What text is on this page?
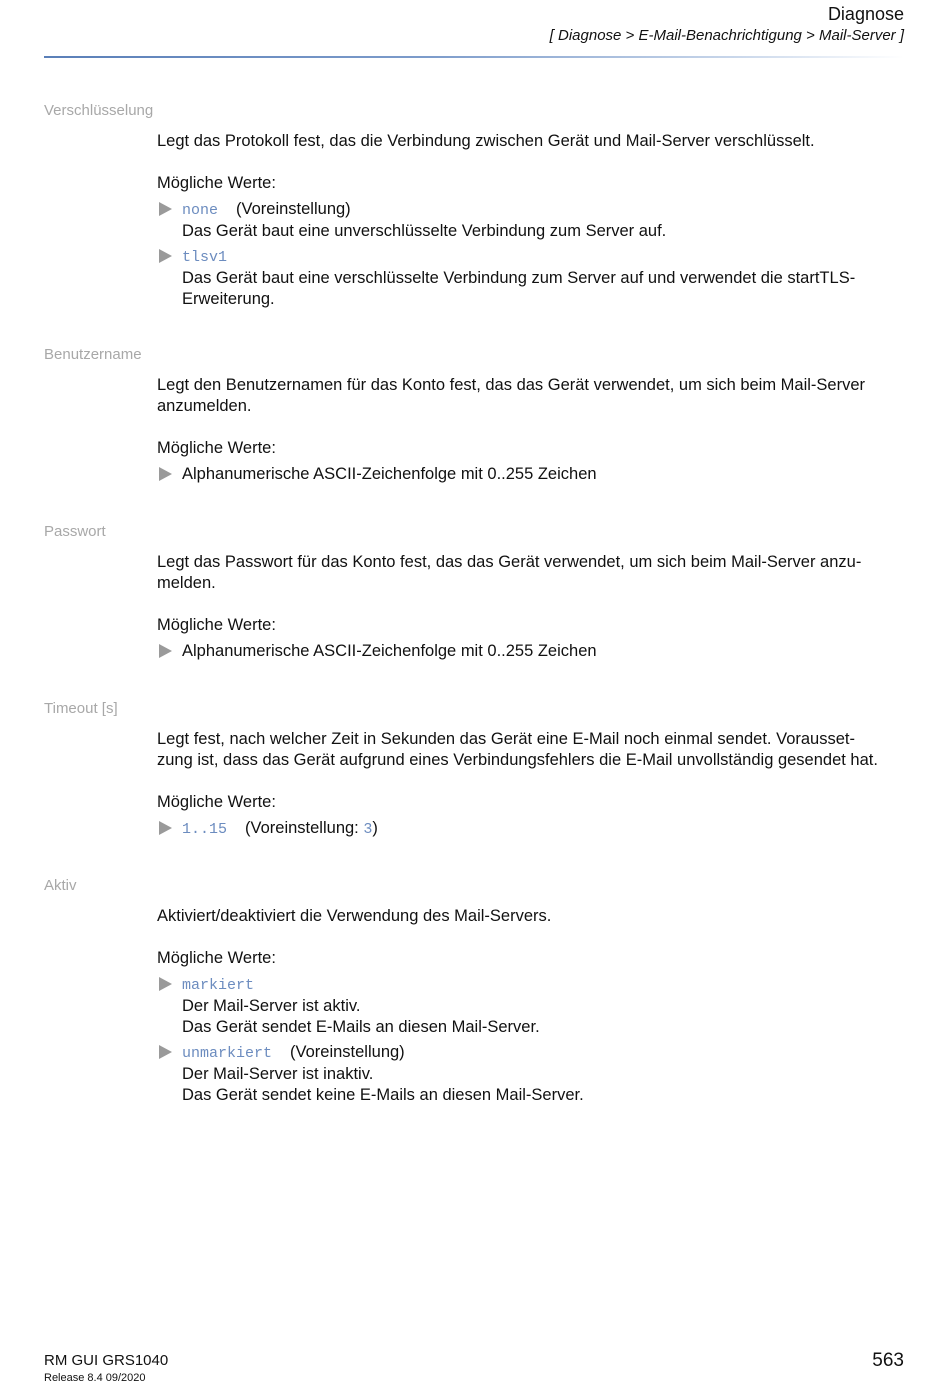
Diagnose
[ Diagnose > E-Mail-Benachrichtigung > Mail-Server ]
Verschlüsselung
Legt das Protokoll fest, das die Verbindung zwischen Gerät und Mail-Server verschlüsselt.
Mögliche Werte:
none (Voreinstellung)
Das Gerät baut eine unverschlüsselte Verbindung zum Server auf.
tlsv1
Das Gerät baut eine verschlüsselte Verbindung zum Server auf und verwendet die startTLS-
Erweiterung.
Benutzername
Legt den Benutzernamen für das Konto fest, das das Gerät verwendet, um sich beim Mail-Server
anzumelden.
Mögliche Werte:
Alphanumerische ASCII-Zeichenfolge mit 0..255 Zeichen
Passwort
Legt das Passwort für das Konto fest, das das Gerät verwendet, um sich beim Mail-Server anzu-
melden.
Mögliche Werte:
Alphanumerische ASCII-Zeichenfolge mit 0..255 Zeichen
Timeout [s]
Legt fest, nach welcher Zeit in Sekunden das Gerät eine E-Mail noch einmal sendet. Vorausset-
zung ist, dass das Gerät aufgrund eines Verbindungsfehlers die E-Mail unvollständig gesendet hat.
Mögliche Werte:
1..15 (Voreinstellung: 3)
Aktiv
Aktiviert/deaktiviert die Verwendung des Mail-Servers.
Mögliche Werte:
markiert
Der Mail-Server ist aktiv.
Das Gerät sendet E-Mails an diesen Mail-Server.
unmarkiert (Voreinstellung)
Der Mail-Server ist inaktiv.
Das Gerät sendet keine E-Mails an diesen Mail-Server.
RM GUI GRS1040
Release 8.4 09/2020
563
